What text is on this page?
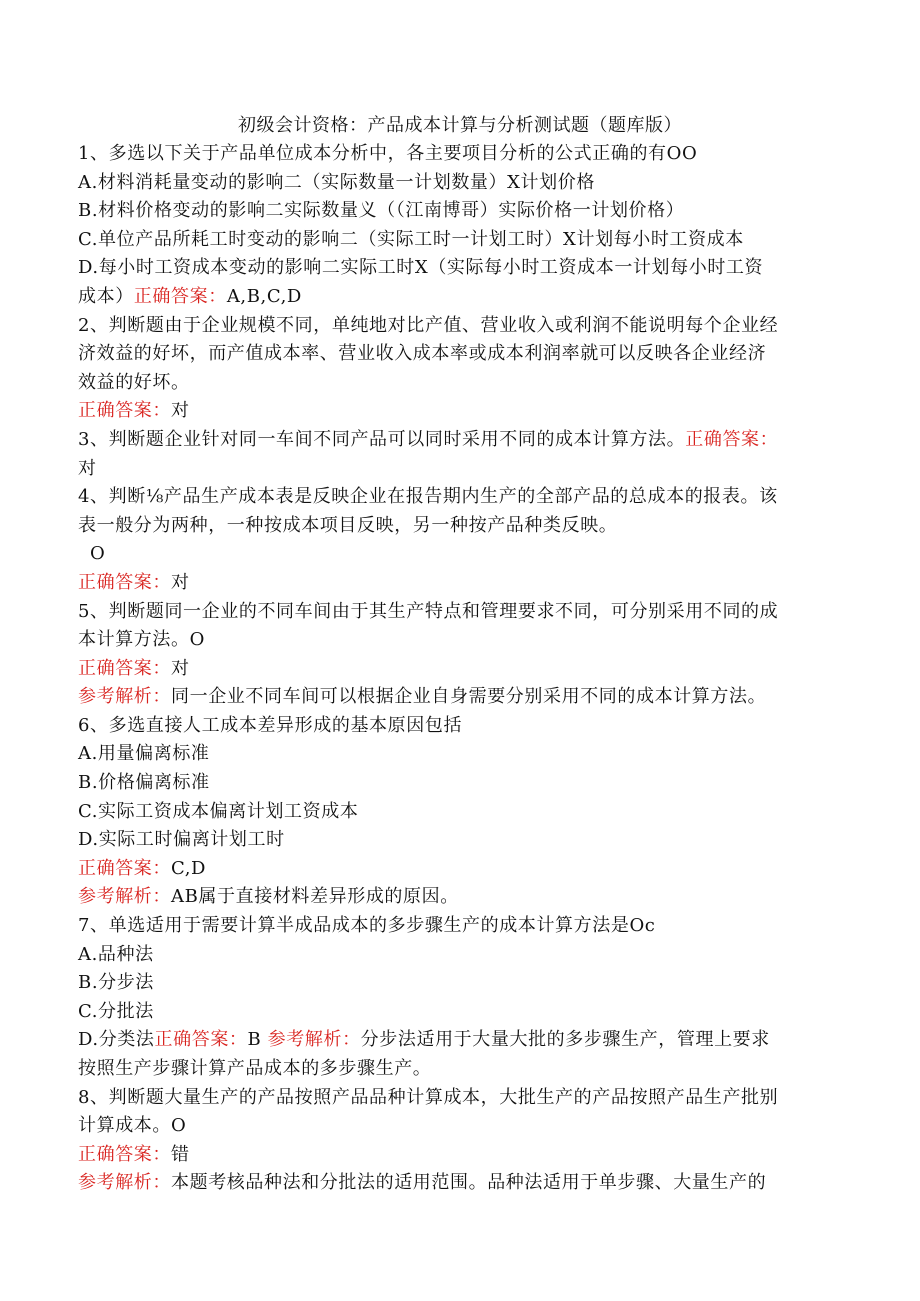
初级会计资格：产品成本计算与分析测试题（题库版）
1、多选以下关于产品单位成本分析中，各主要项目分析的公式正确的有OO
A.材料消耗量变动的影响二（实际数量一计划数量）X计划价格
B.材料价格变动的影响二实际数量义（（江南博哥）实际价格一计划价格）
C.单位产品所耗工时变动的影响二（实际工时一计划工时）X计划每小时工资成本
D.每小时工资成本变动的影响二实际工时X（实际每小时工资成本一计划每小时工资
成本）正确答案：A,B,C,D
2、判断题由于企业规模不同，单纯地对比产值、营业收入或利润不能说明每个企业经
济效益的好坏，而产值成本率、营业收入成本率或成本利润率就可以反映各企业经济
效益的好坏。
正确答案：对
3、判断题企业针对同一车间不同产品可以同时采用不同的成本计算方法。正确答案：
对
4、判断⅛产品生产成本表是反映企业在报告期内生产的全部产品的总成本的报表。该
表一般分为两种，一种按成本项目反映，另一种按产品种类反映。
O
正确答案：对
5、判断题同一企业的不同车间由于其生产特点和管理要求不同，可分别采用不同的成
本计算方法。O
正确答案：对
参考解析：同一企业不同车间可以根据企业自身需要分别采用不同的成本计算方法。
6、多选直接人工成本差异形成的基本原因包括
A.用量偏离标准
B.价格偏离标准
C.实际工资成本偏离计划工资成本
D.实际工时偏离计划工时
正确答案：C,D
参考解析：AB属于直接材料差异形成的原因。
7、单选适用于需要计算半成品成本的多步骤生产的成本计算方法是Oc
A.品种法
B.分步法
C.分批法
D.分类法正确答案：B 参考解析：分步法适用于大量大批的多步骤生产，管理上要求
按照生产步骤计算产品成本的多步骤生产。
8、判断题大量生产的产品按照产品品种计算成本，大批生产的产品按照产品生产批别
计算成本。O
正确答案：错
参考解析：本题考核品种法和分批法的适用范围。品种法适用于单步骤、大量生产的
